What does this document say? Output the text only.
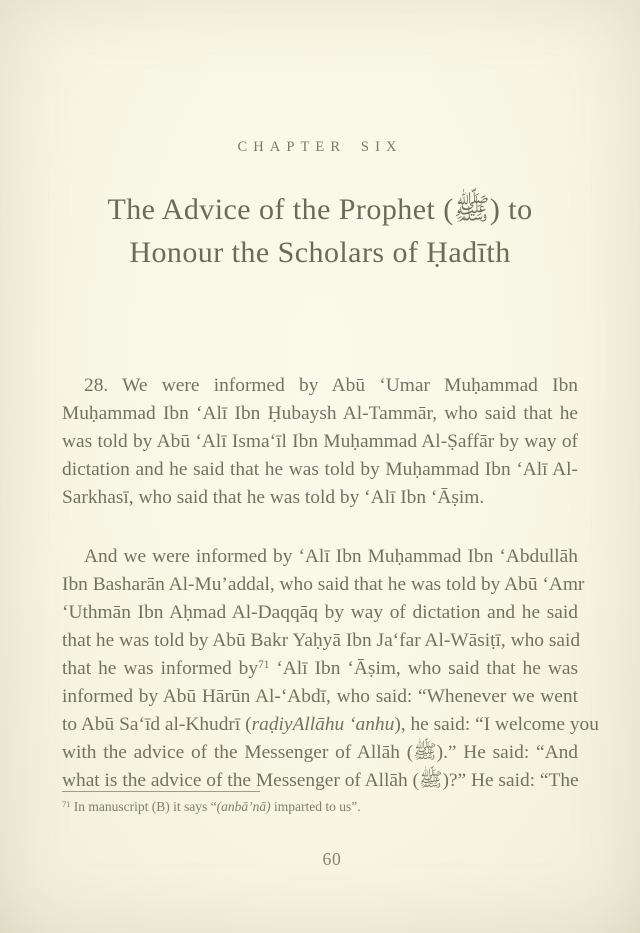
CHAPTER SIX
The Advice of the Prophet (ﷺ) to
Honour the Scholars of Ḥadīth
28. We were informed by Abū ‘Umar Muḥammad Ibn
Muḥammad Ibn ‘Alī Ibn Ḥubaysh Al-Tammār, who said that he
was told by Abū ‘Alī Isma‘īl Ibn Muḥammad Al-Ṣaffār by way of
dictation and he said that he was told by Muḥammad Ibn ‘Alī Al-
Sarkhasī, who said that he was told by ‘Alī Ibn ‘Āṣim.
And we were informed by ‘Alī Ibn Muḥammad Ibn ‘Abdullāh
Ibn Basharān Al-Mu’addal, who said that he was told by Abū ‘Amr
‘Uthmān Ibn Aḥmad Al-Daqqāq by way of dictation and he said
that he was told by Abū Bakr Yaḥyā Ibn Ja‘far Al-Wāsiṭī, who said
that he was informed $by^{71}$ ‘Alī Ibn ‘Āṣim, who said that he was
informed by Abū Hārūn Al-‘Abdī, who said: “Whenever we went
to Abū Sa‘īd al-Khudrī (raḍiyAllāhu ‘anhu), he said: “I welcome you
with the advice of the Messenger of Allāh (ﷺ).” He said: “And
what is the advice of the Messenger of Allāh (ﷺ)?” He said: “The
$^{71}$ In manuscript (B) it says “(anbā’nā) imparted to us”.
60
